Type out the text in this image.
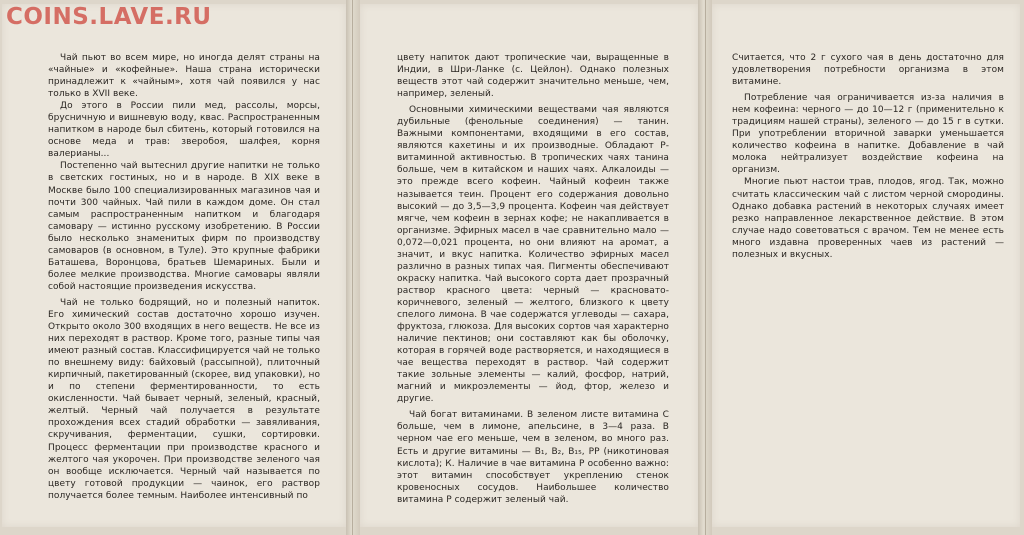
Чай пьют во всем мире, но иногда делят страны на «чайные» и «кофейные». Наша страна исторически принадлежит к «чайным», хотя чай появился у нас только в XVII веке.

До этого в России пили мед, рассолы, морсы, брусничную и вишневую воду, квас. Распространенным напитком в народе был сбитень, который готовился на основе меда и трав: зверобоя, шалфея, корня валерианы...

Постепенно чай вытеснил другие напитки не только в светских гостиных, но и в народе. В XIX веке в Москве было 100 специализированных магазинов чая и почти 300 чайных. Чай пили в каждом доме. Он стал самым распространенным напитком и благодаря самовару — истинно русскому изобретению. В России было несколько знаменитых фирм по производству самоваров (в основном, в Туле). Это крупные фабрики Баташева, Воронцова, братьев Шемариных. Были и более мелкие производства. Многие самовары являли собой настоящие произведения искусства.

Чай не только бодрящий, но и полезный напиток. Его химический состав достаточно хорошо изучен. Открыто около 300 входящих в него веществ. Не все из них переходят в раствор. Кроме того, разные типы чая имеют разный состав. Классифицируется чай не только по внешнему виду: байховый (рассыпной), плиточный кирпичный, пакетированный (скорее, вид упаковки), но и по степени ферментированности, то есть окисленности. Чай бывает черный, зеленый, красный, желтый. Черный чай получается в результате прохождения всех стадий обработки — завяливания, скручивания, ферментации, сушки, сортировки. Процесс ферментации при производстве красного и желтого чая укорочен. При производстве зеленого чая он вообще исключается. Черный чай называется по цвету готовой продукции — чаинок, его раствор получается более темным. Наиболее интенсивный по

цвету напиток дают тропические чаи, выращенные в Индии, в Шри-Ланке (с. Цейлон). Однако полезных веществ этот чай содержит значительно меньше, чем, например, зеленый.

Основными химическими веществами чая являются дубильные (фенольные соединения) — танин. Важными компонентами, входящими в его состав, являются кахетины и их производные. Обладают Р-витаминной активностью. В тропических чаях танина больше, чем в китайском и наших чаях. Алкалоиды — это прежде всего кофеин. Чайный кофеин также называется теин. Процент его содержания довольно высокий — до 3,5—3,9 процента. Кофеин чая действует мягче, чем кофеин в зернах кофе; не накапливается в организме. Эфирных масел в чае сравнительно мало — 0,072—0,021 процента, но они влияют на аромат, а значит, и вкус напитка. Количество эфирных масел различно в разных типах чая. Пигменты обеспечивают окраску напитка. Чай высокого сорта дает прозрачный раствор красного цвета: черный — красновато-коричневого, зеленый — желтого, близкого к цвету спелого лимона. В чае содержатся углеводы — сахара, фруктоза, глюкоза. Для высоких сортов чая характерно наличие пектинов; они составляют как бы оболочку, которая в горячей воде растворяется, и находящиеся в чае вещества переходят в раствор. Чай содержит такие зольные элементы — калий, фосфор, натрий, магний и микроэлементы — йод, фтор, железо и другие.

Чай богат витаминами. В зеленом листе витамина С больше, чем в лимоне, апельсине, в 3—4 раза. В черном чае его меньше, чем в зеленом, во много раз. Есть и другие витамины — B₁, B₂, B₁₅, PP (никотиновая кислота); К. Наличие в чае витамина Р особенно важно: этот витамин способствует укреплению стенок кровеносных сосудов. Наибольшее количество витамина Р содержит зеленый чай.

Считается, что 2 г сухого чая в день достаточно для удовлетворения потребности организма в этом витамине.

Потребление чая ограничивается из-за наличия в нем кофеина: черного — до 10—12 г (применительно к традициям нашей страны), зеленого — до 15 г в сутки. При употреблении вторичной заварки уменьшается количество кофеина в напитке. Добавление в чай молока нейтрализует воздействие кофеина на организм.

Многие пьют настои трав, плодов, ягод. Так, можно считать классическим чай с листом черной смородины. Однако добавка растений в некоторых случаях имеет резко направленное лекарственное действие. В этом случае надо советоваться с врачом. Тем не менее есть много издавна проверенных чаев из растений — полезных и вкусных.

COINS.LAVE.RU
